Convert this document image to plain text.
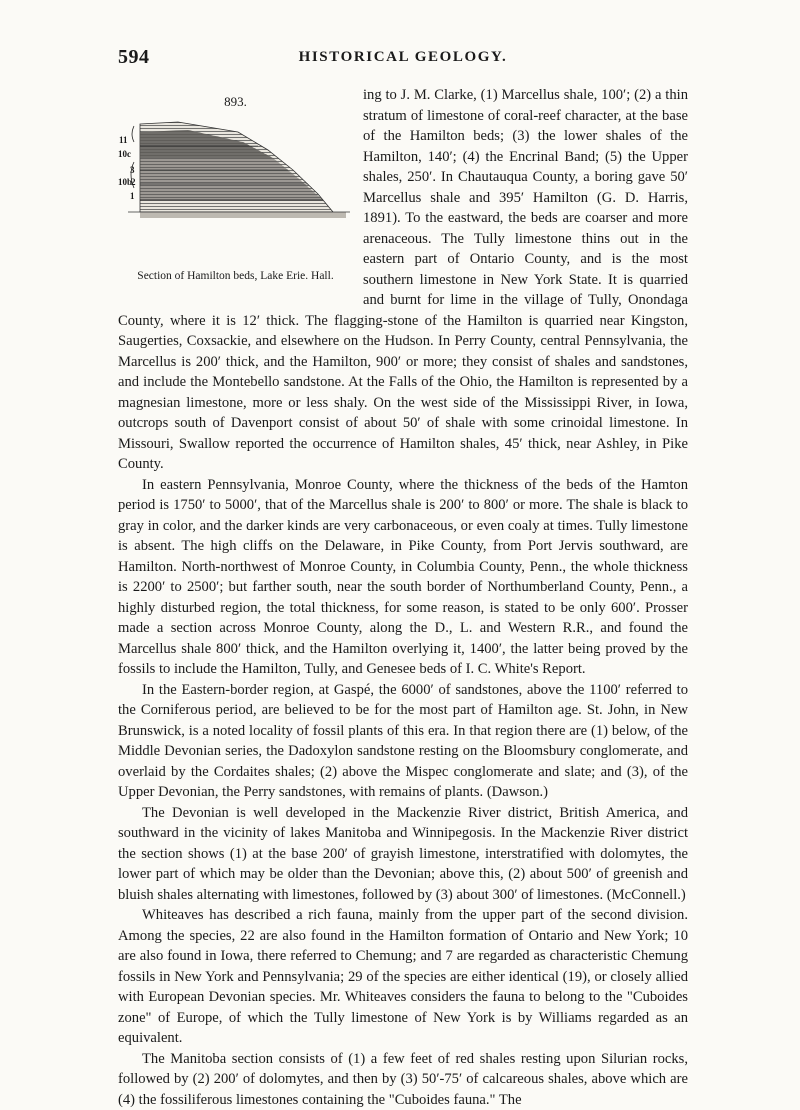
594	HISTORICAL GEOLOGY.
893.
11
10c
3
10b
2
1
Section of Hamilton beds, Lake Erie. Hall.

ing to J. M. Clarke, (1) Marcellus shale, 100′; (2) a thin stratum of limestone of coral-reef character, at the base of the Hamilton beds; (3) the lower shales of the Hamilton, 140′; (4) the Encrinal Band; (5) the Upper shales, 250′. In Chautauqua County, a boring gave 50′ Marcellus shale and 395′ Hamilton (G. D. Harris, 1891). To the eastward, the beds are coarser and more arenaceous. The Tully limestone thins out in the eastern part of Ontario County, and is the most southern limestone in New York State. It is quarried and burnt for lime in the village of Tully, Onondaga County, where it is 12′ thick. The flagging-stone of the Hamilton is quarried near Kingston, Saugerties, Coxsackie, and elsewhere on the Hudson. In Perry County, central Pennsylvania, the Marcellus is 200′ thick, and the Hamilton, 900′ or more; they consist of shales and sandstones, and include the Montebello sandstone. At the Falls of the Ohio, the Hamilton is represented by a magnesian limestone, more or less shaly. On the west side of the Mississippi River, in Iowa, outcrops south of Davenport consist of about 50′ of shale with some crinoidal limestone. In Missouri, Swallow reported the occurrence of Hamilton shales, 45′ thick, near Ashley, in Pike County.

In eastern Pennsylvania, Monroe County, where the thickness of the beds of the Hamton period is 1750′ to 5000′, that of the Marcellus shale is 200′ to 800′ or more. The shale is black to gray in color, and the darker kinds are very carbonaceous, or even coaly at times. Tully limestone is absent. The high cliffs on the Delaware, in Pike County, from Port Jervis southward, are Hamilton. North-northwest of Monroe County, in Columbia County, Penn., the whole thickness is 2200′ to 2500′; but farther south, near the south border of Northumberland County, Penn., a highly disturbed region, the total thickness, for some reason, is stated to be only 600′. Prosser made a section across Monroe County, along the D., L. and Western R.R., and found the Marcellus shale 800′ thick, and the Hamilton overlying it, 1400′, the latter being proved by the fossils to include the Hamilton, Tully, and Genesee beds of I. C. White's Report.

In the Eastern-border region, at Gaspé, the 6000′ of sandstones, above the 1100′ referred to the Corniferous period, are believed to be for the most part of Hamilton age. St. John, in New Brunswick, is a noted locality of fossil plants of this era. In that region there are (1) below, of the Middle Devonian series, the Dadoxylon sandstone resting on the Bloomsbury conglomerate, and overlaid by the Cordaites shales; (2) above the Mispec conglomerate and slate; and (3), of the Upper Devonian, the Perry sandstones, with remains of plants. (Dawson.)

The Devonian is well developed in the Mackenzie River district, British America, and southward in the vicinity of lakes Manitoba and Winnipegosis. In the Mackenzie River district the section shows (1) at the base 200′ of grayish limestone, interstratified with dolomytes, the lower part of which may be older than the Devonian; above this, (2) about 500′ of greenish and bluish shales alternating with limestones, followed by (3) about 300′ of limestones. (McConnell.)

Whiteaves has described a rich fauna, mainly from the upper part of the second division. Among the species, 22 are also found in the Hamilton formation of Ontario and New York; 10 are also found in Iowa, there referred to Chemung; and 7 are regarded as characteristic Chemung fossils in New York and Pennsylvania; 29 of the species are either identical (19), or closely allied with European Devonian species. Mr. Whiteaves considers the fauna to belong to the "Cuboides zone" of Europe, of which the Tully limestone of New York is by Williams regarded as an equivalent.

The Manitoba section consists of (1) a few feet of red shales resting upon Silurian rocks, followed by (2) 200′ of dolomytes, and then by (3) 50′-75′ of calcareous shales, above which are (4) the fossiliferous limestones containing the "Cuboides fauna." The
